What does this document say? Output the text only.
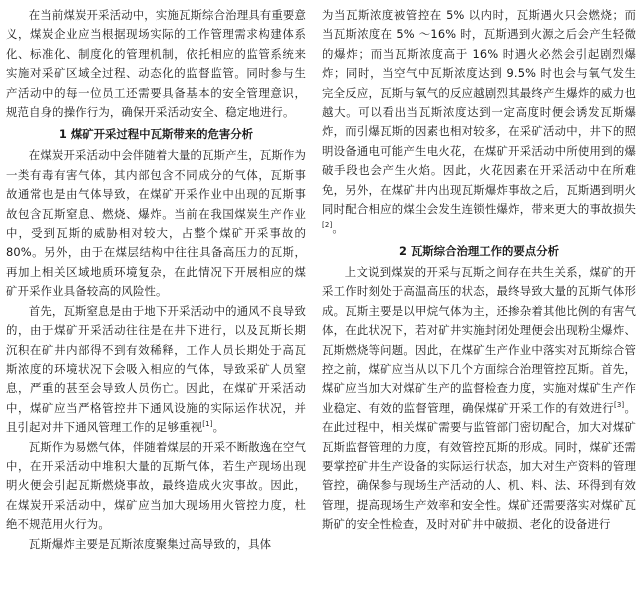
在当前煤炭开采活动中，实施瓦斯综合治理具有重要意义，煤炭企业应当根据现场实际的工作管理需求构建体系化、标准化、制度化的管理机制，依托相应的监管系统来实施对采矿区域全过程、动态化的监督监管。同时参与生产活动中的每一位员工还需要具备基本的安全管理意识，规范自身的操作行为，确保开采活动安全、稳定地进行。

1 煤矿开采过程中瓦斯带来的危害分析

在煤炭开采活动中会伴随着大量的瓦斯产生，瓦斯作为一类有毒有害气体，其内部包含不同成分的气体，瓦斯事故通常也是由气体导致，在煤矿开采作业中出现的瓦斯事故包含瓦斯窒息、燃烧、爆炸。当前在我国煤炭生产作业中，受到瓦斯的威胁相对较大，占整个煤矿开采事故的 80%。另外，由于在煤层结构中往往具备高压力的瓦斯，再加上相关区域地质环境复杂，在此情况下开展相应的煤矿开采作业具备较高的风险性。

首先，瓦斯窒息是由于地下开采活动中的通风不良导致的，由于煤矿开采活动往往是在井下进行，以及瓦斯长期沉积在矿井内部得不到有效稀释，工作人员长期处于高瓦斯浓度的环境状况下会吸入相应的气体，导致采矿人员窒息，严重的甚至会导致人员伤亡。因此，在煤矿开采活动中，煤矿应当严格管控井下通风设施的实际运作状况，并且引起对井下通风管理工作的足够重视[1]。

瓦斯作为易燃气体，伴随着煤层的开采不断散逸在空气中，在开采活动中堆积大量的瓦斯气体，若生产现场出现明火便会引起瓦斯燃烧事故，最终造成火灾事故。因此，在煤炭开采活动中，煤矿应当加大现场用火管控力度，杜绝不规范用火行为。

瓦斯爆炸主要是瓦斯浓度聚集过高导致的，具体

为当瓦斯浓度被管控在 5% 以内时，瓦斯遇火只会燃烧；而当瓦斯浓度在 5% ～16% 时，瓦斯遇到火源之后会产生轻微的爆炸；而当瓦斯浓度高于 16% 时遇火必然会引起剧烈爆炸；同时，当空气中瓦斯浓度达到 9.5% 时也会与氧气发生完全反应，瓦斯与氧气的反应越剧烈其最终产生爆炸的威力也越大。可以看出当瓦斯浓度达到一定高度时便会诱发瓦斯爆炸，而引爆瓦斯的因素也相对较多，在采矿活动中，井下的照明设备通电可能产生电火花，在煤矿开采活动中所使用到的爆破手段也会产生火焰。因此，火花因素在开采活动中在所难免，另外，在煤矿井内出现瓦斯爆炸事故之后，瓦斯遇到明火同时配合相应的煤尘会发生连锁性爆炸，带来更大的事故损失[2]。

2 瓦斯综合治理工作的要点分析

上文说到煤炭的开采与瓦斯之间存在共生关系，煤矿的开采工作时刻处于高温高压的状态，最终导致大量的瓦斯气体形成。瓦斯主要是以甲烷气体为主，还掺杂着其他比例的有害气体，在此状况下，若对矿井实施封闭处理便会出现粉尘爆炸、瓦斯燃烧等问题。因此，在煤矿生产作业中落实对瓦斯综合管控之前，煤矿应当从以下几个方面综合治理管控瓦斯。首先，煤矿应当加大对煤矿生产的监督检查力度，实施对煤矿生产作业稳定、有效的监督管理，确保煤矿开采工作的有效进行[3]。在此过程中，相关煤矿需要与监管部门密切配合，加大对煤矿瓦斯监督管理的力度，有效管控瓦斯的形成。同时，煤矿还需要掌控矿井生产设备的实际运行状态，加大对生产资料的管理管控，确保参与现场生产活动的人、机、料、法、环得到有效管理，提高现场生产效率和安全性。煤矿还需要落实对煤矿瓦斯矿的安全性检查，及时对矿井中破损、老化的设备进行
